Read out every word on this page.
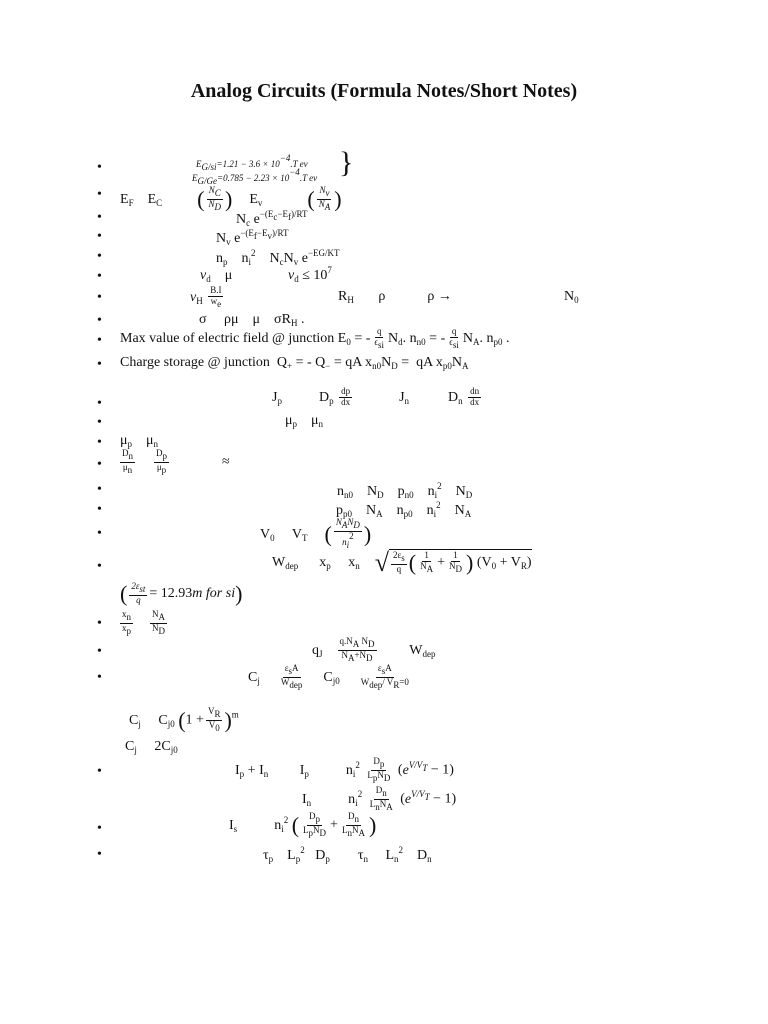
Analog Circuits (Formula Notes/Short Notes)
•
•
•
•
•
•
•
•
•
•
•
•
•
•
•
•
•
•
•
•
•
•
•
•
$E_{G/si}=1.21 - 3.6 \times 10^{-4}.T$ ev
$E_{G/Ge}=0.785 - 2.23 \times 10^{-4}.T$ ev }
$E_F$ $E_C$ ( $\frac{N_C}{N_D}$ ) $E_v$ ( $\frac{N_v}{N_A}$ )
$N_c$ $e^{-(E_c-E_f)/RT}$
$N_v$ $e^{-(E_f-E_v)/RT}$
$n_p$    $n_i^2$    $N_cN_v$ $e^{-EG/KT}$
$v_d$    μ	$v_d \le 10^7$
$v_H \frac{B.I}{w_e}$	$R_H$       ρ            ρ →	$N_0$
σ     ρμ    μ    $\sigma R_H$ .
Max value of electric field @ junction $E_0$ = - $\frac{q}{\epsilon_{si}} N_d$. $n_{n0}$ = - $\frac{q}{\epsilon_{si}} N_A$. $n_{p0}$ .
Charge storage @ junction  $Q_+$ = - $Q_-$ = qA $x_{n0}N_D$ =  qA $x_{p0}N_A$
$J_p$	$D_p \frac{dp}{dx}$	$J_n$	$D_n \frac{dn}{dx}$
$\mu_p$    $\mu_n$
$\mu_p$    $\mu_n$
$\frac{D_n}{\mu_n}$
$\frac{D_p}{\mu_p}$	≈
$n_{n0}$    $N_D$    $p_{n0}$    $n_i^2$    $N_D$
$p_{p0}$    $N_A$    $n_{p0}$    $n_i^2$    $N_A$
$V_0$     $V_T$ ( $\frac{N_AN_D}{n_i^2}$ )
$W_{dep}$      $x_p$     $x_n$ √ $\frac{2\varepsilon_s}{q}$ ( $\frac{1}{N_A} + \frac{1}{N_D}$ ) $(V_0 + V_R)$
( $\frac{2\varepsilon_{st}}{q} = 12.93m$ for si)
$\frac{x_n}{x_p}$
$\frac{N_A}{N_D}$
$q_J \frac{q.N_A N_D}{N_A+N_D} W_{dep}$
$C_j \frac{\varepsilon_sA}{W_{dep}} C_{j0} \frac{\varepsilon_sA}{W_{dep}/ V_R=0}$
$C_j$     $C_{j0}$ $(1 + \frac{V_R}{V_0} )^m$
$C_j$     $2C_{j0}$
$I_p + I_n$         $I_p$	$n_i^2 \frac{D_p}{L_pN_D} (e^{V/V_T} - 1)$
$I_n$	$n_i^2 \frac{D_n}{L_nN_A} (e^{V/V_T} - 1)$
$I_s$	$n_i^2$ ( $\frac{D_p}{L_pN_D} + \frac{D_n}{L_nN_A}$ )
$\tau_p$    $L_p^2$   $D_p$        $\tau_n$     $L_n^2$    $D_n$
